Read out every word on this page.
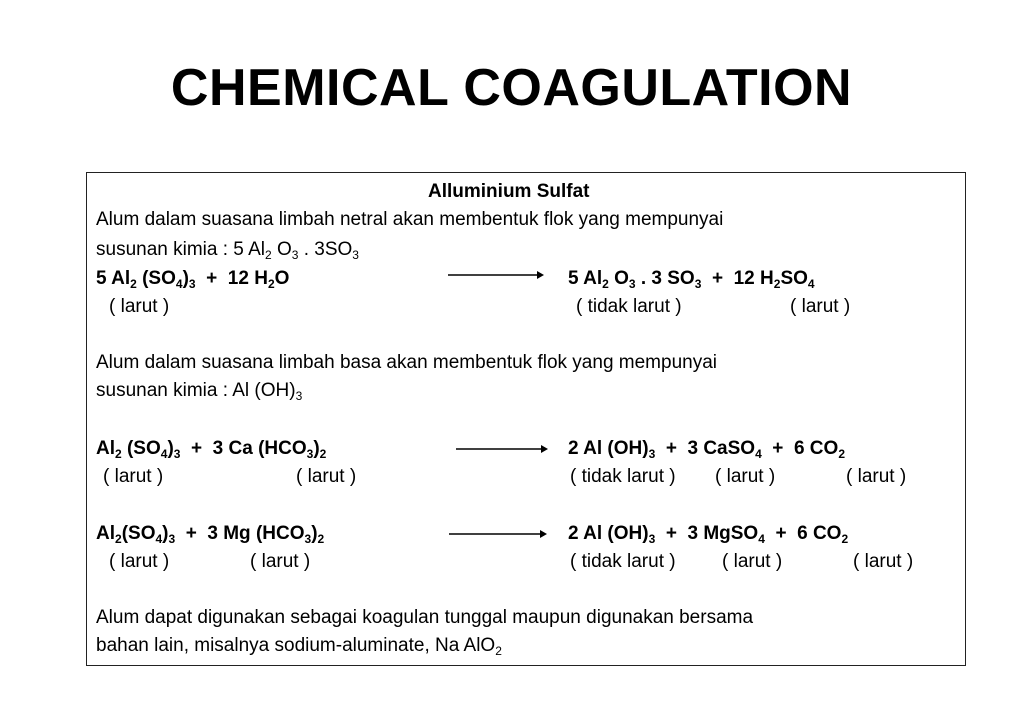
CHEMICAL COAGULATION
Alluminium Sulfat
Alum dalam suasana limbah netral akan membentuk flok yang mempunyai
susunan kimia : 5 $Al_2$ $O_3$ . $3SO_3$
5 $Al_2$ $(SO_4)_3 + 12$ $H_2O$	5 $Al_2$ $O_3$ . 3 $SO_3 + 12$ $H_2SO_4$
( larut )	( tidak larut )	( larut )
Alum dalam suasana limbah basa akan membentuk flok yang mempunyai
susunan kimia : Al $(OH)_3$
$Al_2$ $(SO_4)_3 + 3$ Ca $(HCO_3)_2$	2 Al $(OH)_3 + 3$ CaSO$_4$  +  6 $CO_2$
( larut )	( larut )	( tidak larut ) ( larut )	( larut )
$Al_2(SO_4)_3 + 3$ Mg $(HCO_3)_2$	2 Al $(OH)_3 + 3$ MgSO$_4$  +  6 $CO_2$
( larut )	( larut )	( tidak larut ) ( larut )	( larut )
Alum dapat digunakan sebagai koagulan tunggal maupun digunakan bersama
bahan lain, misalnya sodium-aluminate, Na AlO$_2$
